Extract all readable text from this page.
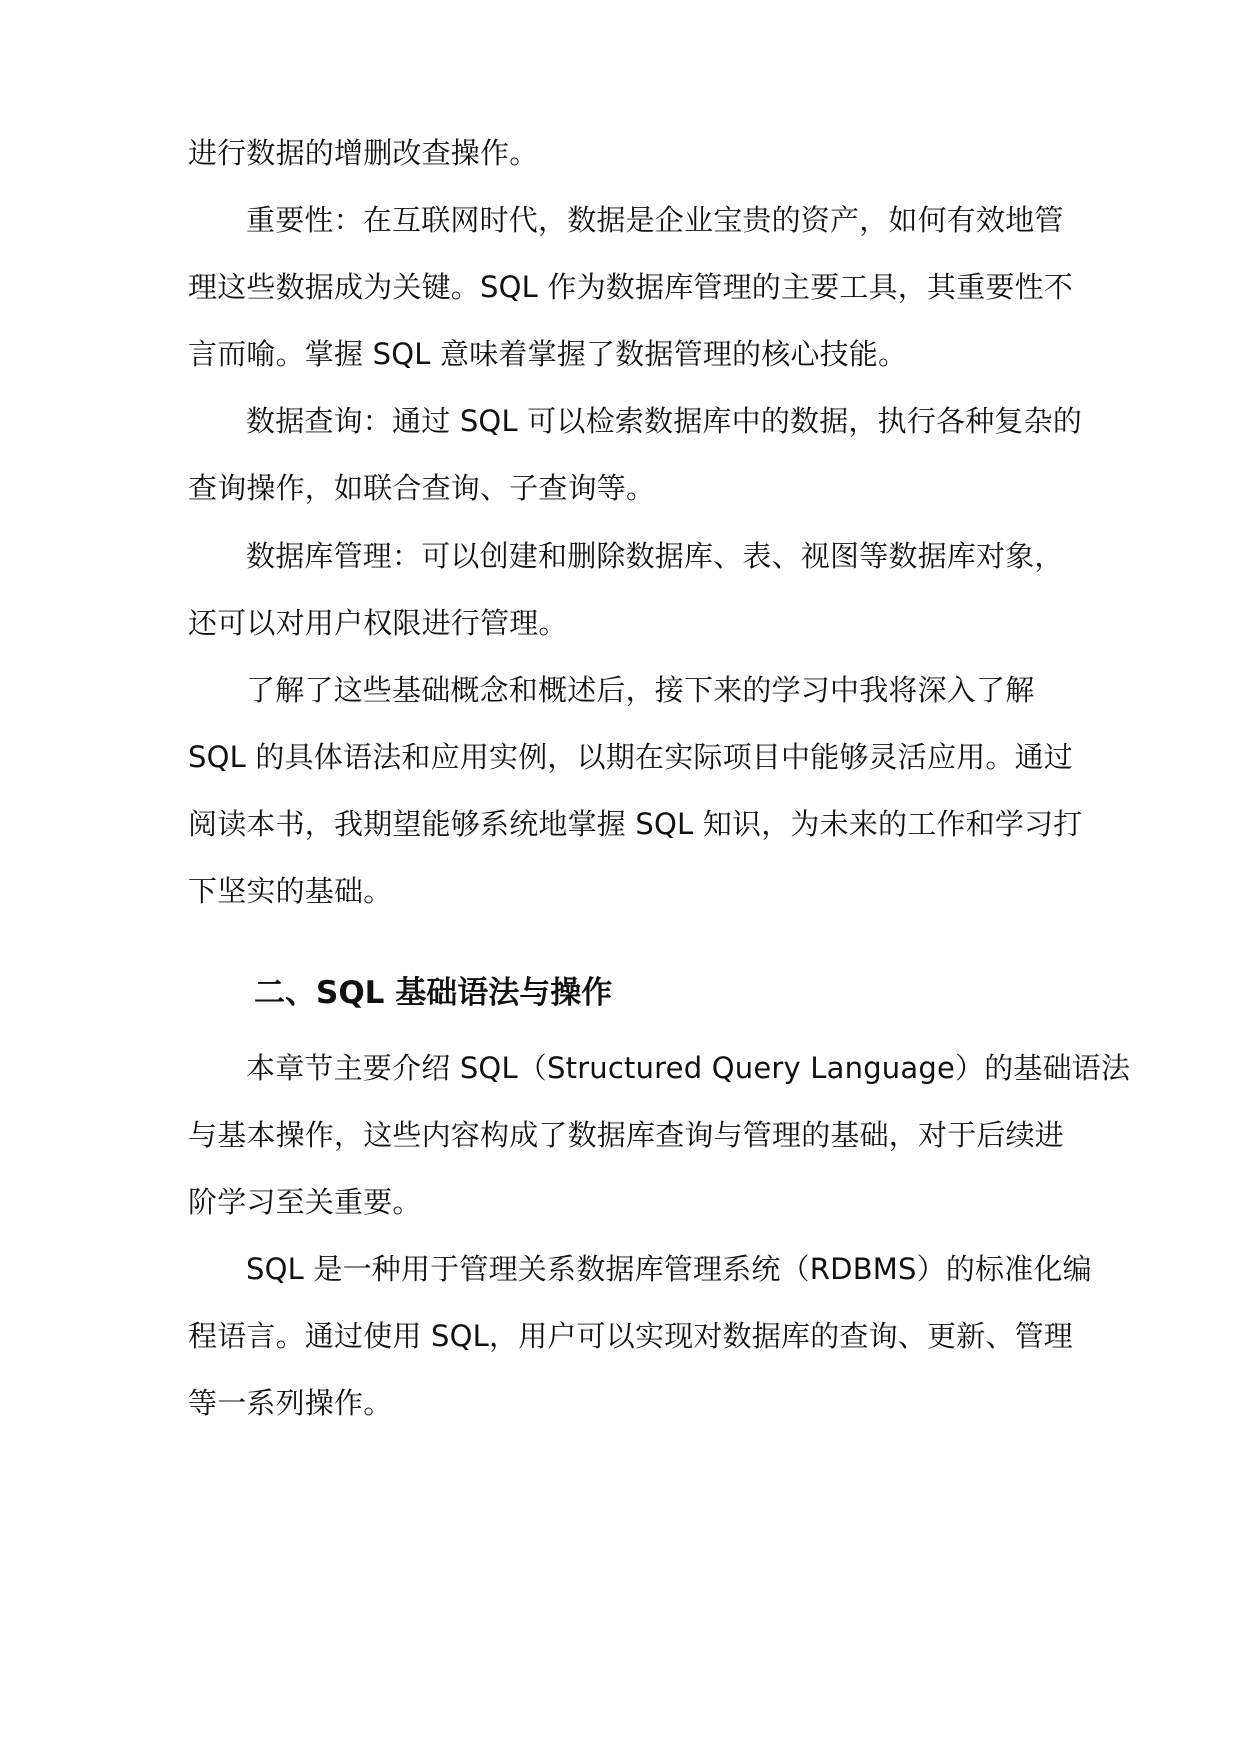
进行数据的增删改查操作。
重要性：在互联网时代，数据是企业宝贵的资产，如何有效地管
理这些数据成为关键。SQL 作为数据库管理的主要工具，其重要性不
言而喻。掌握 SQL 意味着掌握了数据管理的核心技能。
数据查询：通过 SQL 可以检索数据库中的数据，执行各种复杂的
查询操作，如联合查询、子查询等。
数据库管理：可以创建和删除数据库、表、视图等数据库对象，
还可以对用户权限进行管理。
了解了这些基础概念和概述后，接下来的学习中我将深入了解
SQL 的具体语法和应用实例，以期在实际项目中能够灵活应用。通过
阅读本书，我期望能够系统地掌握 SQL 知识，为未来的工作和学习打
下坚实的基础。
二、SQL 基础语法与操作
本章节主要介绍 SQL（Structured Query Language）的基础语法
与基本操作，这些内容构成了数据库查询与管理的基础，对于后续进
阶学习至关重要。
SQL 是一种用于管理关系数据库管理系统（RDBMS）的标准化编
程语言。通过使用 SQL，用户可以实现对数据库的查询、更新、管理
等一系列操作。
